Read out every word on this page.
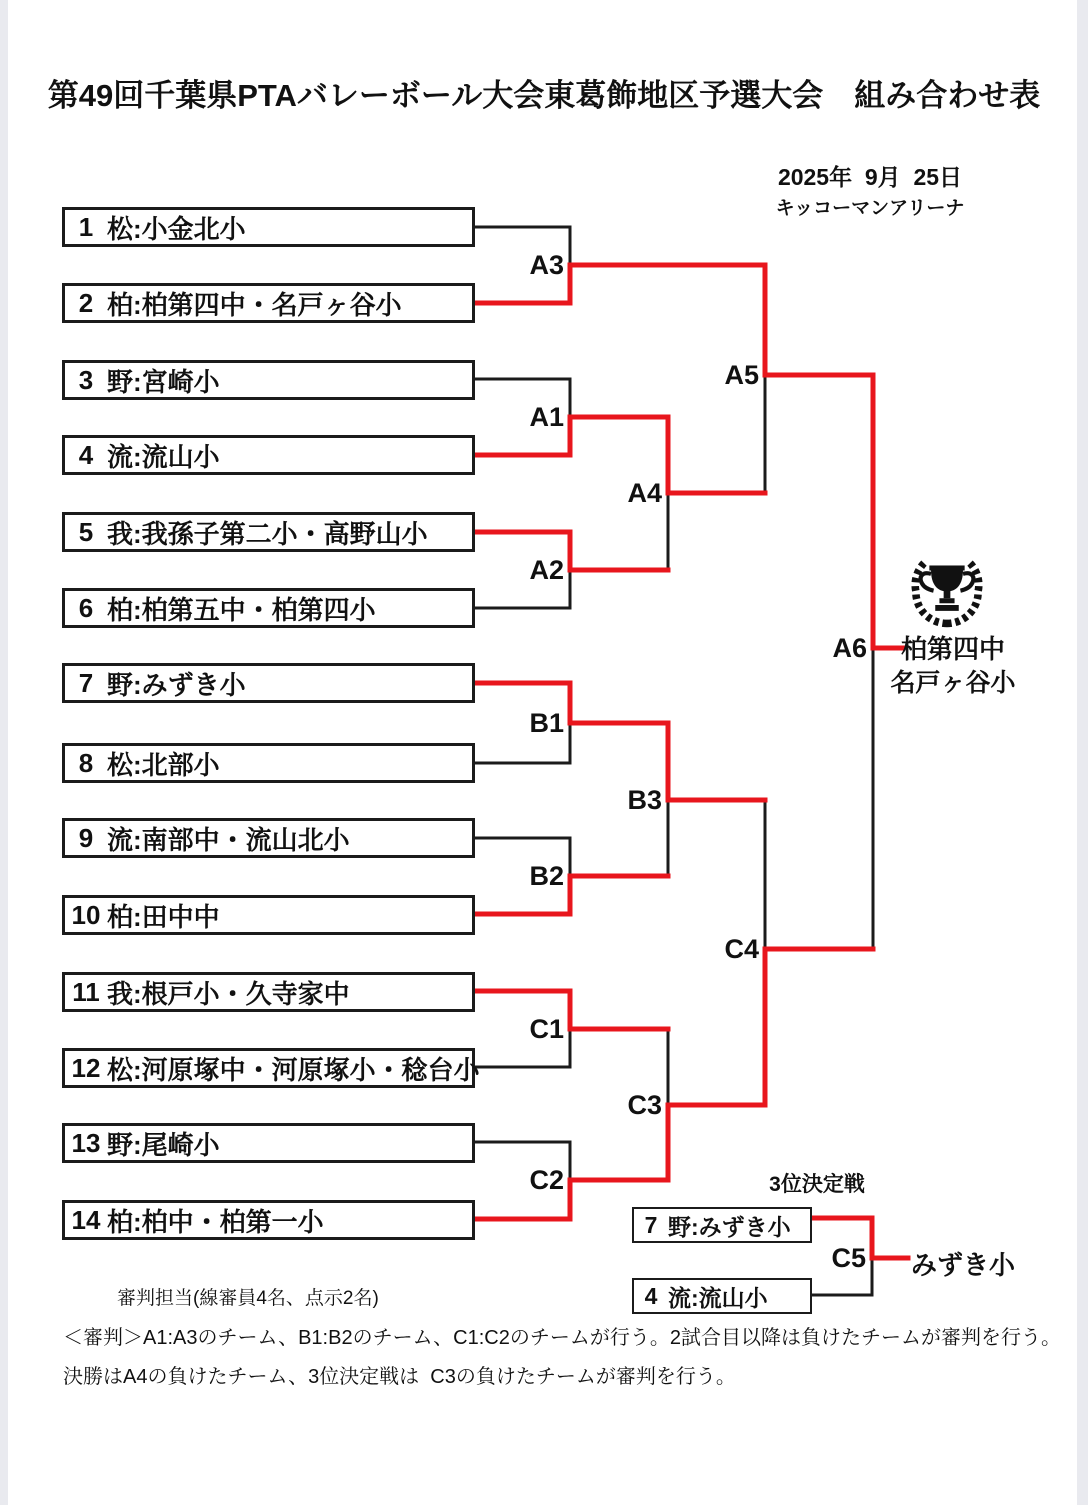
第49回千葉県PTAバレーボール大会東葛飾地区予選大会　組み合わせ表
2025年  9月  25日
キッコーマンアリーナ
1 松:小金北小
2 柏:柏第四中・名戸ヶ谷小
3 野:宮崎小
4 流:流山小
5 我:我孫子第二小・高野山小
6 柏:柏第五中・柏第四小
7 野:みずき小
8 松:北部小
9 流:南部中・流山北小
10 柏:田中中
11 我:根戸小・久寺家中
12 松:河原塚中・河原塚小・稔台小
13 野:尾崎小
14 柏:柏中・柏第一小
A3
A1
A2
A4
A5
A6
B1
B2
B3
C1
C2
C3
C4
C5
柏第四中
名戸ヶ谷小
3位決定戦
7 野:みずき小
4 流:流山小
みずき小
審判担当(線審員4名、点示2名)
＜審判＞A1:A3のチーム、B1:B2のチーム、C1:C2のチームが行う。2試合目以降は負けたチームが審判を行う。
決勝はA4の負けたチーム、3位決定戦は  C3の負けたチームが審判を行う。
